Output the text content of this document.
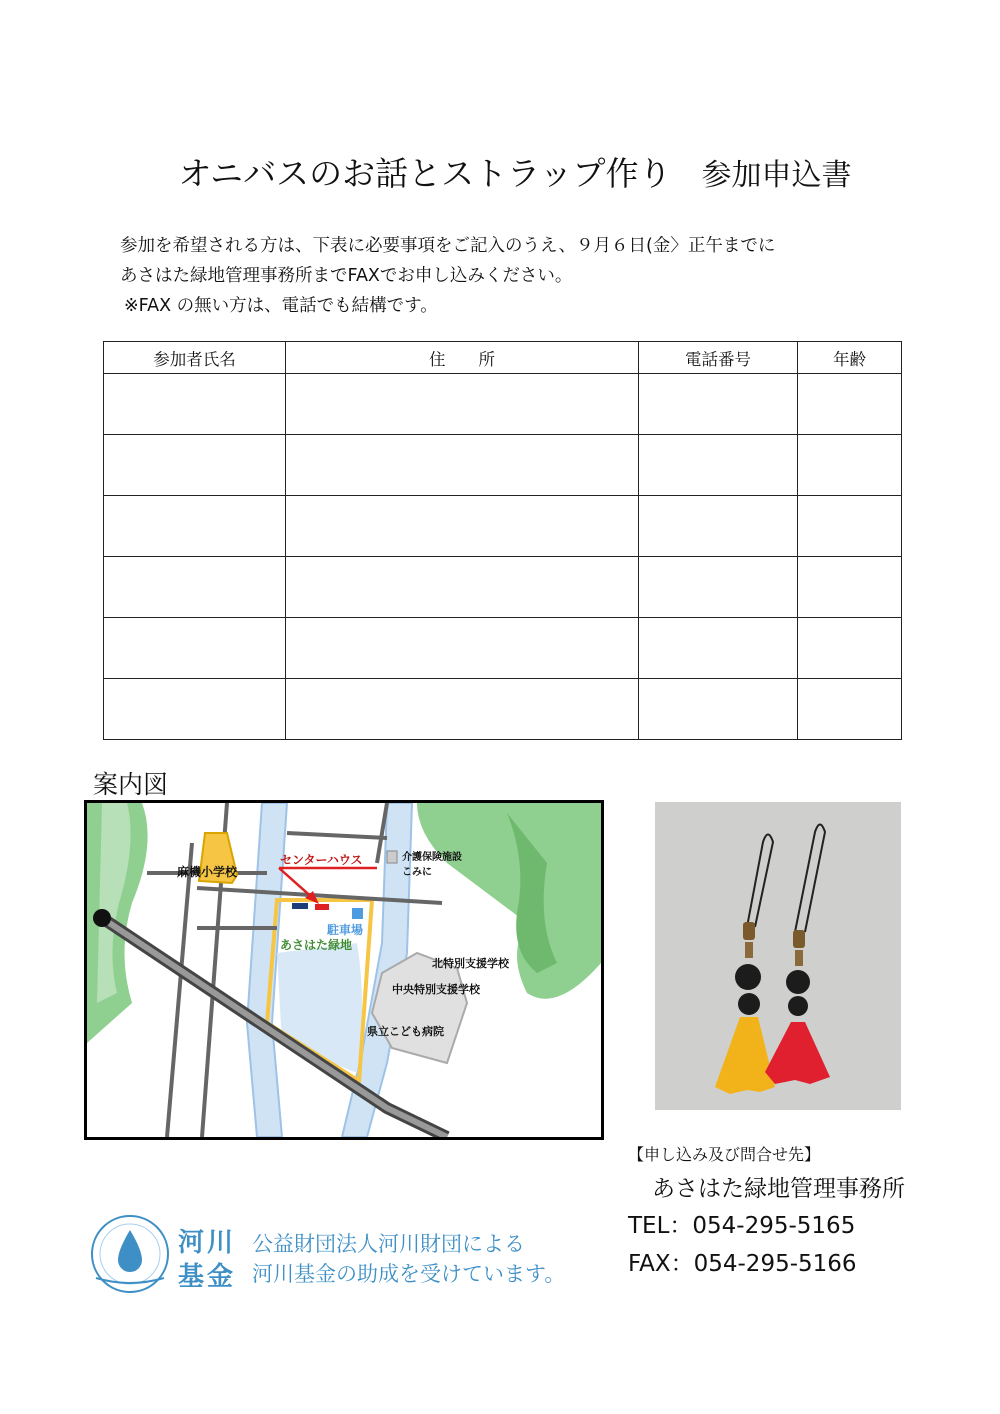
オニバスのお話とストラップ作り 参加申込書
参加を希望される方は、下表に必要事項をご記入のうえ、９月６日(金〉正午までに
あさはた緑地管理事務所までFAXでお申し込みください。
※FAX の無い方は、電話でも結構です。
参加者氏名	住　　所	電話番号	年齢

案内図
麻機小学校
センターハウス	介護保険施設
こみに
駐車場
あさはた緑地
北特別支援学校
中央特別支援学校
県立こども病院
【申し込み及び問合せ先】
あさはた緑地管理事務所
TEL：054-295-5165
FAX：054-295-5166
河川
基金
公益財団法人河川財団による
河川基金の助成を受けています。
